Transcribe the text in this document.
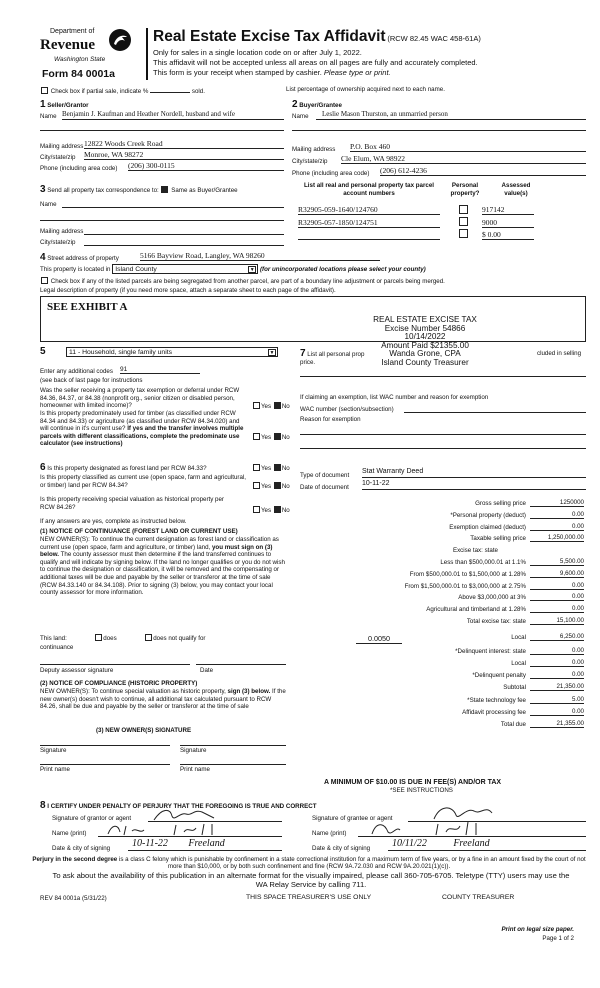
Department of
Revenue
Washington State
Form 84 0001a
Real Estate Excise Tax Affidavit (RCW 82.45 WAC 458-61A)
Only for sales in a single location code on or after July 1, 2022.
This affidavit will not be accepted unless all areas on all pages are fully and accurately completed.
This form is your receipt when stamped by cashier. Please type or print.
Check box if partial sale, indicate %	sold.	List percentage of ownership acquired next to each name.
1 Seller/Grantor
Name Benjamin J. Kaufman and Heather Nordell, husband and wife
Mailing address 12822 Woods Creek Road
City/state/zip Monroe, WA 98272
Phone (including area code) (206) 300-0115
2 Buyer/Grantee
Name	Leslie Mason Thurston, an unmarried person
Mailing address P.O. Box 460
City/state/zip Cle Elum, WA 98922
Phone (including area code) (206) 612-4236
3 Send all property tax correspondence to: Same as Buyer/Grantee
Name
Mailing address
City/state/zip
List all real and personal property tax parcel account numbers
Personal property?
Assessed value(s)
R32905-059-1640/124760	917142
R32905-057-1850/124751	9000
$ 0.00
4 Street address of property	5166 Bayview Road, Langley, WA 98260
This property is located in Island County	▼ (for unincorporated locations please select your county)
Check box if any of the listed parcels are being segregated from another parcel, are part of a boundary line adjustment or parcels being merged.
Legal description of property (if you need more space, attach a separate sheet to each page of the affidavit).
SEE EXHIBIT A
REAL ESTATE EXCISE TAX
Excise Number 54866
10/14/2022
Amount Paid $21355.00
Wanda Grone, CPA
Island County Treasurer
5	11 - Household, single family units	▼
Enter any additional codes 91
(see back of last page for instructions
Was the seller receiving a property tax exemption or deferral under RCW 84.36, 84.37, or 84.38 (nonprofit org., senior citizen or disabled person, homeowner with limited income)?	Yes No
Is this property predominately used for timber (as classified under RCW 84.34 and 84.33) or agriculture (as classified under RCW 84.34.020) and will continue in it's current use? If yes and the transfer involves multiple parcels with different classifications, complete the predominate use calculator (see instructions)
Yes No
7 List all personal prop	cluded in selling
price.
If claiming an exemption, list WAC number and reason for exemption
WAC number (section/subsection)
Reason for exemption
6 Is this property designated as forest land per RCW 84.33?	Yes No
Is this property classified as current use (open space, farm and agricultural, or timber) land per RCW 84.34?	Yes No
Is this property receiving special valuation as historical property per RCW 84.26?	Yes No
If any answers are yes, complete as instructed below.
(1) NOTICE OF CONTINUANCE (FOREST LAND OR CURRENT USE)
NEW OWNER(S): To continue the current designation as forest land or classification as current use (open space, farm and agriculture, or timber) land, you must sign on (3) below. The county assessor must then determine if the land transferred continues to qualify and will indicate by signing below. If the land no longer qualifies or you do not wish to continue the designation or classification, it will be removed and the compensating or additional taxes will be due and payable by the seller or transferor at the time of sale (RCW 84.33.140 or 84.34.108). Prior to signing (3) below, you may contact your local county assessor for more information.
This land:	does	does not qualify for
continuance
Deputy assessor signature	Date
(2) NOTICE OF COMPLIANCE (HISTORIC PROPERTY)
NEW OWNER(S): To continue special valuation as historic property, sign (3) below. If the new owner(s) doesn't wish to continue, all additional tax calculated pursuant to RCW 84.26, shall be due and payable by the seller or transferor at the time of sale
(3) NEW OWNER(S) SIGNATURE
Signature	Signature
Print name	Print name
Type of document
Stat Warranty Deed
Date of document
10-11-22
Gross selling price	1250000
*Personal property (deduct)	0.00
Exemption claimed (deduct)	0.00
Taxable selling price	1,250,000.00
Excise tax: state
Less than $500,000.01 at 1.1%	5,500.00
From $500,000.01 to $1,500,000 at 1.28%	9,600.00
From $1,500,000.01 to $3,000,000 at 2.75%	0.00
Above $3,000,000 at 3%	0.00
Agricultural and timberland at 1.28%	0.00
Total excise tax: state	15,100.00
0.0050	Local	6,250.00
*Delinquent interest: state	0.00
Local	0.00
*Delinquent penalty	0.00
Subtotal	21,350.00
*State technology fee	5.00
Affidavit processing fee	0.00
Total due	21,355.00
A MINIMUM OF $10.00 IS DUE IN FEE(S) AND/OR TAX
*SEE INSTRUCTIONS
8 I CERTIFY UNDER PENALTY OF PERJURY THAT THE FOREGOING IS TRUE AND CORRECT
Signature of grantor or agent
Name (print)
Date & city of signing	10-11-22 Freeland
Signature of grantee or agent
Name (print)
Date & city of signing	10/11/22	Freeland
Perjury in the second degree is a class C felony which is punishable by confinement in a state correctional institution for a maximum term of five years, or by a fine in an amount fixed by the court of not more than $10,000, or by both such confinement and fine (RCW 9A.72.030 and RCW 9A.20.021(1)(c)).
To ask about the availability of this publication in an alternate format for the visually impaired, please call 360-705-6705. Teletype (TTY) users may use the WA Relay Service by calling 711.
REV 84 0001a (5/31/22)	THIS SPACE TREASURER'S USE ONLY	COUNTY TREASURER
Print on legal size paper.
Page 1 of 2
